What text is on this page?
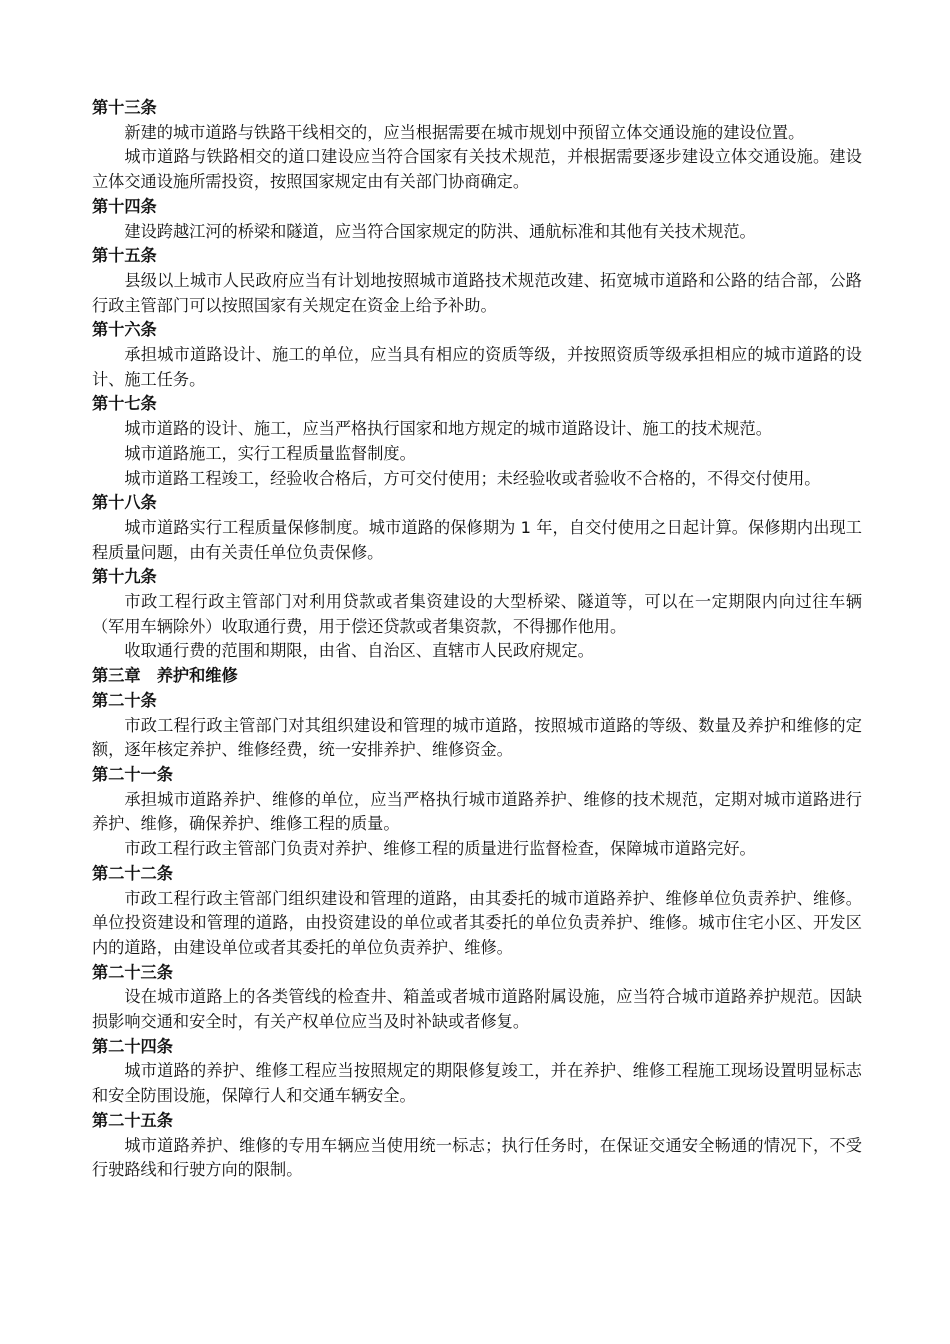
第十三条
新建的城市道路与铁路干线相交的，应当根据需要在城市规划中预留立体交通设施的建设位置。
城市道路与铁路相交的道口建设应当符合国家有关技术规范，并根据需要逐步建设立体交通设施。建设立体交通设施所需投资，按照国家规定由有关部门协商确定。
第十四条
建设跨越江河的桥梁和隧道，应当符合国家规定的防洪、通航标准和其他有关技术规范。
第十五条
县级以上城市人民政府应当有计划地按照城市道路技术规范改建、拓宽城市道路和公路的结合部，公路行政主管部门可以按照国家有关规定在资金上给予补助。
第十六条
承担城市道路设计、施工的单位，应当具有相应的资质等级，并按照资质等级承担相应的城市道路的设计、施工任务。
第十七条
城市道路的设计、施工，应当严格执行国家和地方规定的城市道路设计、施工的技术规范。
城市道路施工，实行工程质量监督制度。
城市道路工程竣工，经验收合格后，方可交付使用；未经验收或者验收不合格的，不得交付使用。
第十八条
城市道路实行工程质量保修制度。城市道路的保修期为 1 年，自交付使用之日起计算。保修期内出现工程质量问题，由有关责任单位负责保修。
第十九条
市政工程行政主管部门对利用贷款或者集资建设的大型桥梁、隧道等，可以在一定期限内向过往车辆（军用车辆除外）收取通行费，用于偿还贷款或者集资款，不得挪作他用。
收取通行费的范围和期限，由省、自治区、直辖市人民政府规定。
第三章　养护和维修
第二十条
市政工程行政主管部门对其组织建设和管理的城市道路，按照城市道路的等级、数量及养护和维修的定额，逐年核定养护、维修经费，统一安排养护、维修资金。
第二十一条
承担城市道路养护、维修的单位，应当严格执行城市道路养护、维修的技术规范，定期对城市道路进行养护、维修，确保养护、维修工程的质量。
市政工程行政主管部门负责对养护、维修工程的质量进行监督检查，保障城市道路完好。
第二十二条
市政工程行政主管部门组织建设和管理的道路，由其委托的城市道路养护、维修单位负责养护、维修。单位投资建设和管理的道路，由投资建设的单位或者其委托的单位负责养护、维修。城市住宅小区、开发区内的道路，由建设单位或者其委托的单位负责养护、维修。
第二十三条
设在城市道路上的各类管线的检查井、箱盖或者城市道路附属设施，应当符合城市道路养护规范。因缺损影响交通和安全时，有关产权单位应当及时补缺或者修复。
第二十四条
城市道路的养护、维修工程应当按照规定的期限修复竣工，并在养护、维修工程施工现场设置明显标志和安全防围设施，保障行人和交通车辆安全。
第二十五条
城市道路养护、维修的专用车辆应当使用统一标志；执行任务时，在保证交通安全畅通的情况下，不受行驶路线和行驶方向的限制。
